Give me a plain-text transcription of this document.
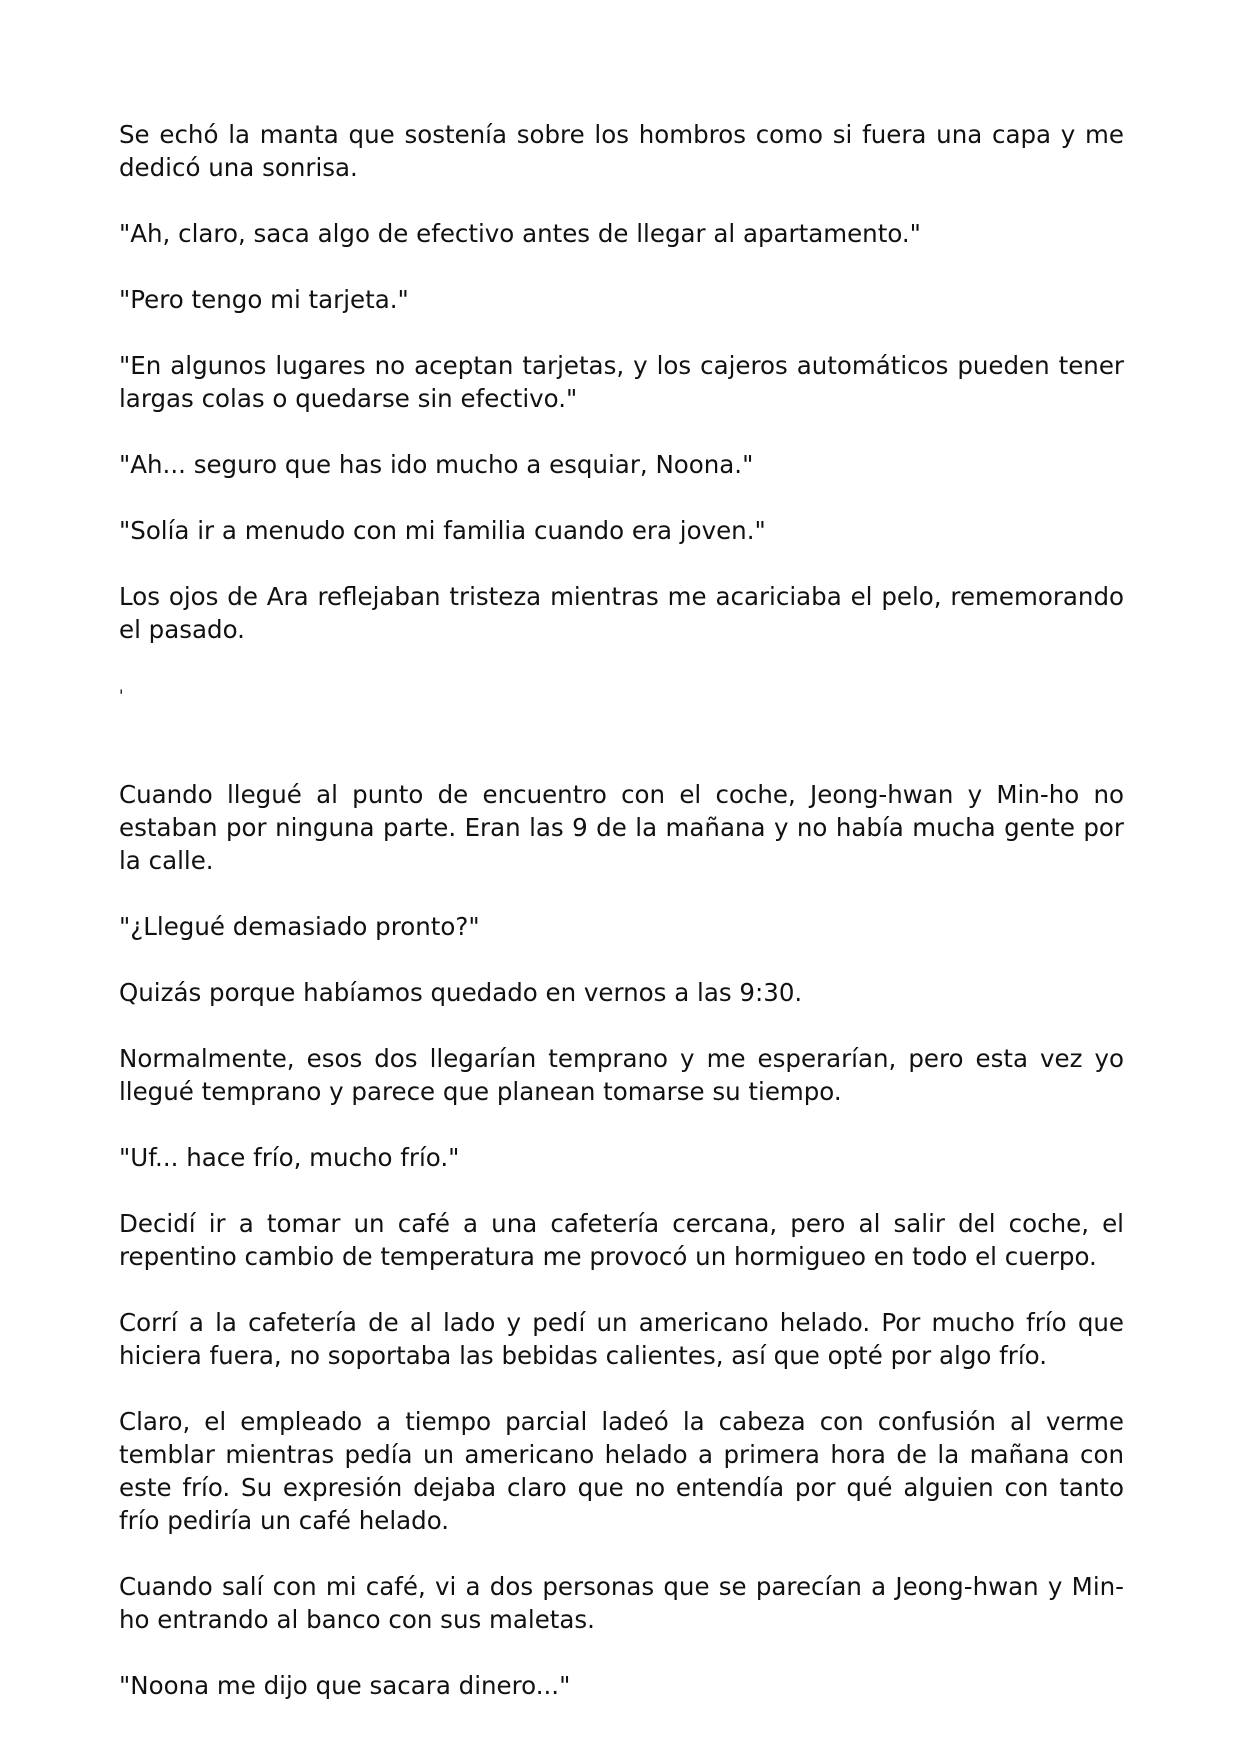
Se echó la manta que sostenía sobre los hombros como si fuera una capa y me dedicó una sonrisa.

"Ah, claro, saca algo de efectivo antes de llegar al apartamento."

"Pero tengo mi tarjeta."

"En algunos lugares no aceptan tarjetas, y los cajeros automáticos pueden tener largas colas o quedarse sin efectivo."

"Ah... seguro que has ido mucho a esquiar, Noona."

"Solía ir a menudo con mi familia cuando era joven."

Los ojos de Ara reflejaban tristeza mientras me acariciaba el pelo, rememorando el pasado.

'

Cuando llegué al punto de encuentro con el coche, Jeong-hwan y Min-ho no estaban por ninguna parte. Eran las 9 de la mañana y no había mucha gente por la calle.

"¿Llegué demasiado pronto?"

Quizás porque habíamos quedado en vernos a las 9:30.

Normalmente, esos dos llegarían temprano y me esperarían, pero esta vez yo llegué temprano y parece que planean tomarse su tiempo.

"Uf... hace frío, mucho frío."

Decidí ir a tomar un café a una cafetería cercana, pero al salir del coche, el repentino cambio de temperatura me provocó un hormigueo en todo el cuerpo.

Corrí a la cafetería de al lado y pedí un americano helado. Por mucho frío que hiciera fuera, no soportaba las bebidas calientes, así que opté por algo frío.

Claro, el empleado a tiempo parcial ladeó la cabeza con confusión al verme temblar mientras pedía un americano helado a primera hora de la mañana con este frío. Su expresión dejaba claro que no entendía por qué alguien con tanto frío pediría un café helado.

Cuando salí con mi café, vi a dos personas que se parecían a Jeong-hwan y Min-ho entrando al banco con sus maletas.

"Noona me dijo que sacara dinero..."
